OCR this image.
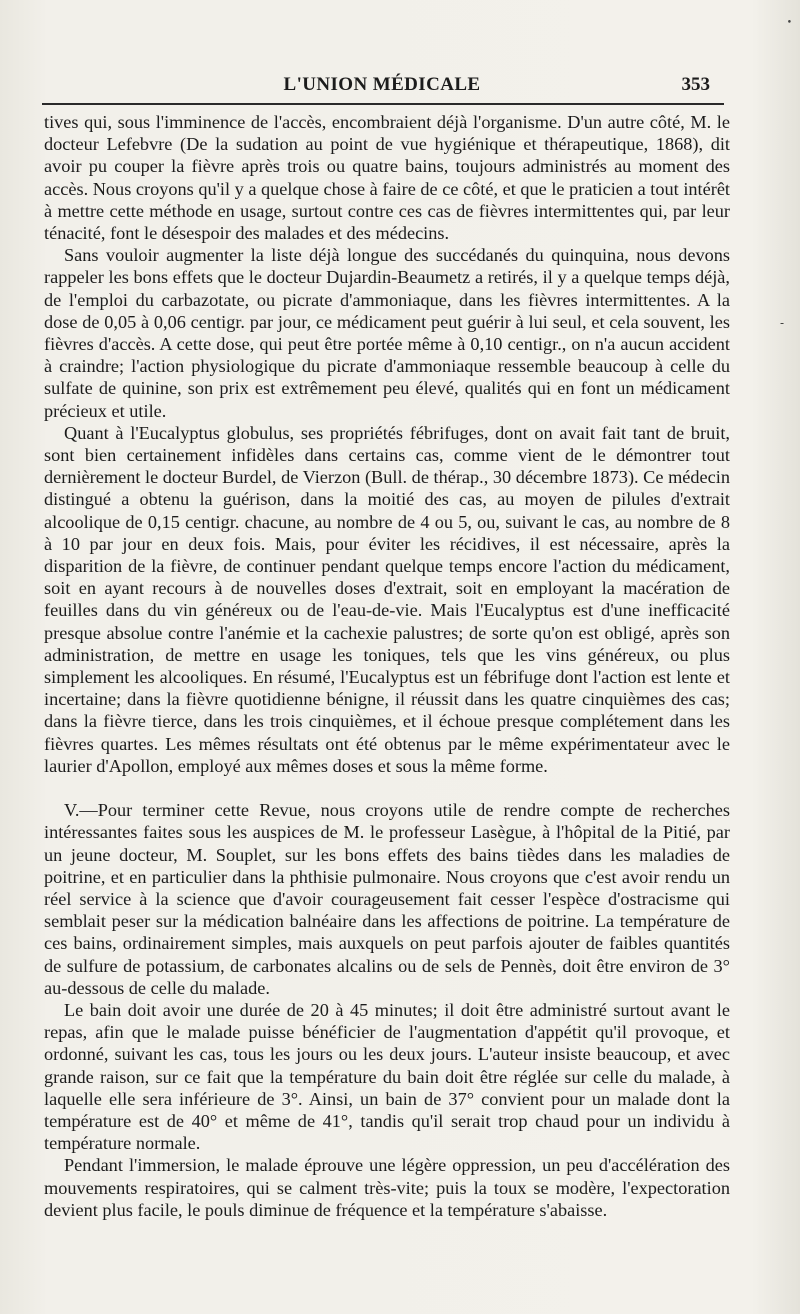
•
L'UNION MÉDICALE	353
-

tives qui, sous l'imminence de l'accès, encombraient déjà l'organisme. D'un autre côté, M. le docteur Lefebvre (De la sudation au point de vue hygiénique et thérapeutique, 1868), dit avoir pu couper la fièvre après trois ou quatre bains, toujours administrés au moment des accès. Nous croyons qu'il y a quelque chose à faire de ce côté, et que le praticien a tout intérêt à mettre cette méthode en usage, surtout contre ces cas de fièvres intermittentes qui, par leur ténacité, font le désespoir des malades et des médecins.

Sans vouloir augmenter la liste déjà longue des succédanés du quinquina, nous devons rappeler les bons effets que le docteur Dujardin-Beaumetz a retirés, il y a quelque temps déjà, de l'emploi du carbazotate, ou picrate d'ammoniaque, dans les fièvres intermittentes. A la dose de 0,05 à 0,06 centigr. par jour, ce médicament peut guérir à lui seul, et cela souvent, les fièvres d'accès. A cette dose, qui peut être portée même à 0,10 centigr., on n'a aucun accident à craindre; l'action physiologique du picrate d'ammoniaque ressemble beaucoup à celle du sulfate de quinine, son prix est extrêmement peu élevé, qualités qui en font un médicament précieux et utile.

Quant à l'Eucalyptus globulus, ses propriétés fébrifuges, dont on avait fait tant de bruit, sont bien certainement infidèles dans certains cas, comme vient de le démontrer tout dernièrement le docteur Burdel, de Vierzon (Bull. de thérap., 30 décembre 1873). Ce médecin distingué a obtenu la guérison, dans la moitié des cas, au moyen de pilules d'extrait alcoolique de 0,15 centigr. chacune, au nombre de 4 ou 5, ou, suivant le cas, au nombre de 8 à 10 par jour en deux fois. Mais, pour éviter les récidives, il est nécessaire, après la disparition de la fièvre, de continuer pendant quelque temps encore l'action du médicament, soit en ayant recours à de nouvelles doses d'extrait, soit en employant la macération de feuilles dans du vin généreux ou de l'eau-de-vie. Mais l'Eucalyptus est d'une inefficacité presque absolue contre l'anémie et la cachexie palustres; de sorte qu'on est obligé, après son administration, de mettre en usage les toniques, tels que les vins généreux, ou plus simplement les alcooliques. En résumé, l'Eucalyptus est un fébrifuge dont l'action est lente et incertaine; dans la fièvre quotidienne bénigne, il réussit dans les quatre cinquièmes des cas; dans la fièvre tierce, dans les trois cinquièmes, et il échoue presque complétement dans les fièvres quartes. Les mêmes résultats ont été obtenus par le même expérimentateur avec le laurier d'Apollon, employé aux mêmes doses et sous la même forme.

V.—Pour terminer cette Revue, nous croyons utile de rendre compte de recherches intéressantes faites sous les auspices de M. le professeur Lasègue, à l'hôpital de la Pitié, par un jeune docteur, M. Souplet, sur les bons effets des bains tièdes dans les maladies de poitrine, et en particulier dans la phthisie pulmonaire. Nous croyons que c'est avoir rendu un réel service à la science que d'avoir courageusement fait cesser l'espèce d'ostracisme qui semblait peser sur la médication balnéaire dans les affections de poitrine. La température de ces bains, ordinairement simples, mais auxquels on peut parfois ajouter de faibles quantités de sulfure de potassium, de carbonates alcalins ou de sels de Pennès, doit être environ de 3° au-dessous de celle du malade.

Le bain doit avoir une durée de 20 à 45 minutes; il doit être administré surtout avant le repas, afin que le malade puisse bénéficier de l'augmentation d'appétit qu'il provoque, et ordonné, suivant les cas, tous les jours ou les deux jours. L'auteur insiste beaucoup, et avec grande raison, sur ce fait que la température du bain doit être réglée sur celle du malade, à laquelle elle sera inférieure de 3°. Ainsi, un bain de 37° convient pour un malade dont la température est de 40° et même de 41°, tandis qu'il serait trop chaud pour un individu à température normale.

Pendant l'immersion, le malade éprouve une légère oppression, un peu d'accélération des mouvements respiratoires, qui se calment très-vite; puis la toux se modère, l'expectoration devient plus facile, le pouls diminue de fréquence et la température s'abaisse.
